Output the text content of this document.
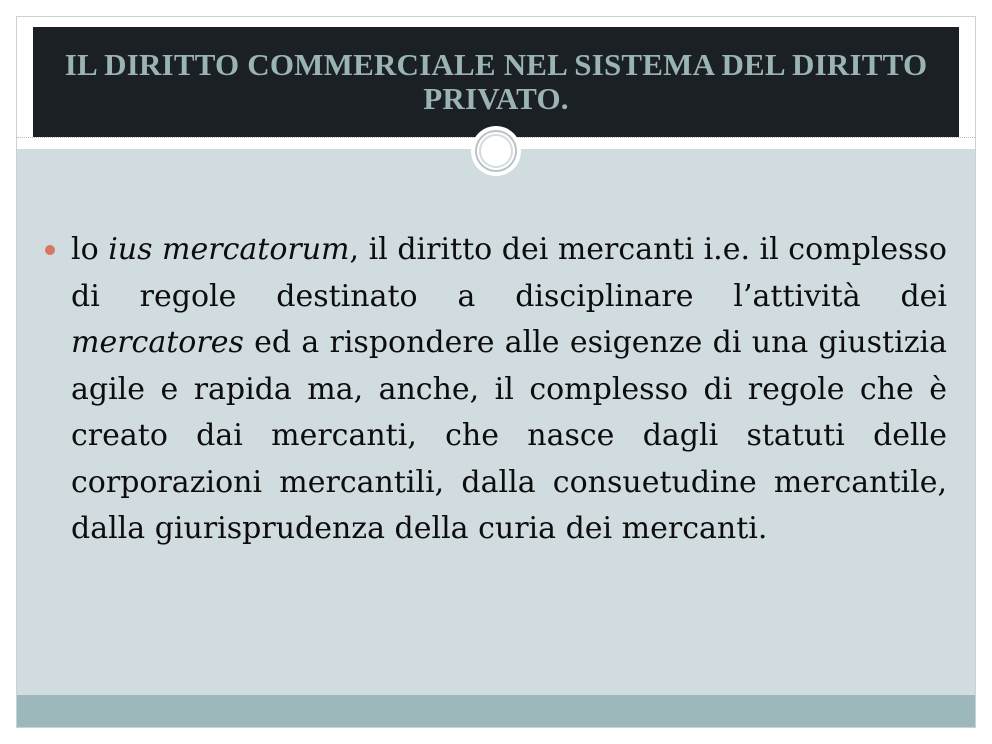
IL DIRITTO COMMERCIALE NEL SISTEMA DEL DIRITTO PRIVATO.

lo ius mercatorum, il diritto dei mercanti i.e. il complesso di regole destinato a disciplinare l’attività dei mercatores ed a rispondere alle esigenze di una giustizia agile e rapida ma, anche, il complesso di regole che è creato dai mercanti, che nasce dagli statuti delle corporazioni mercantili, dalla consuetudine mercantile, dalla giurisprudenza della curia dei mercanti.
